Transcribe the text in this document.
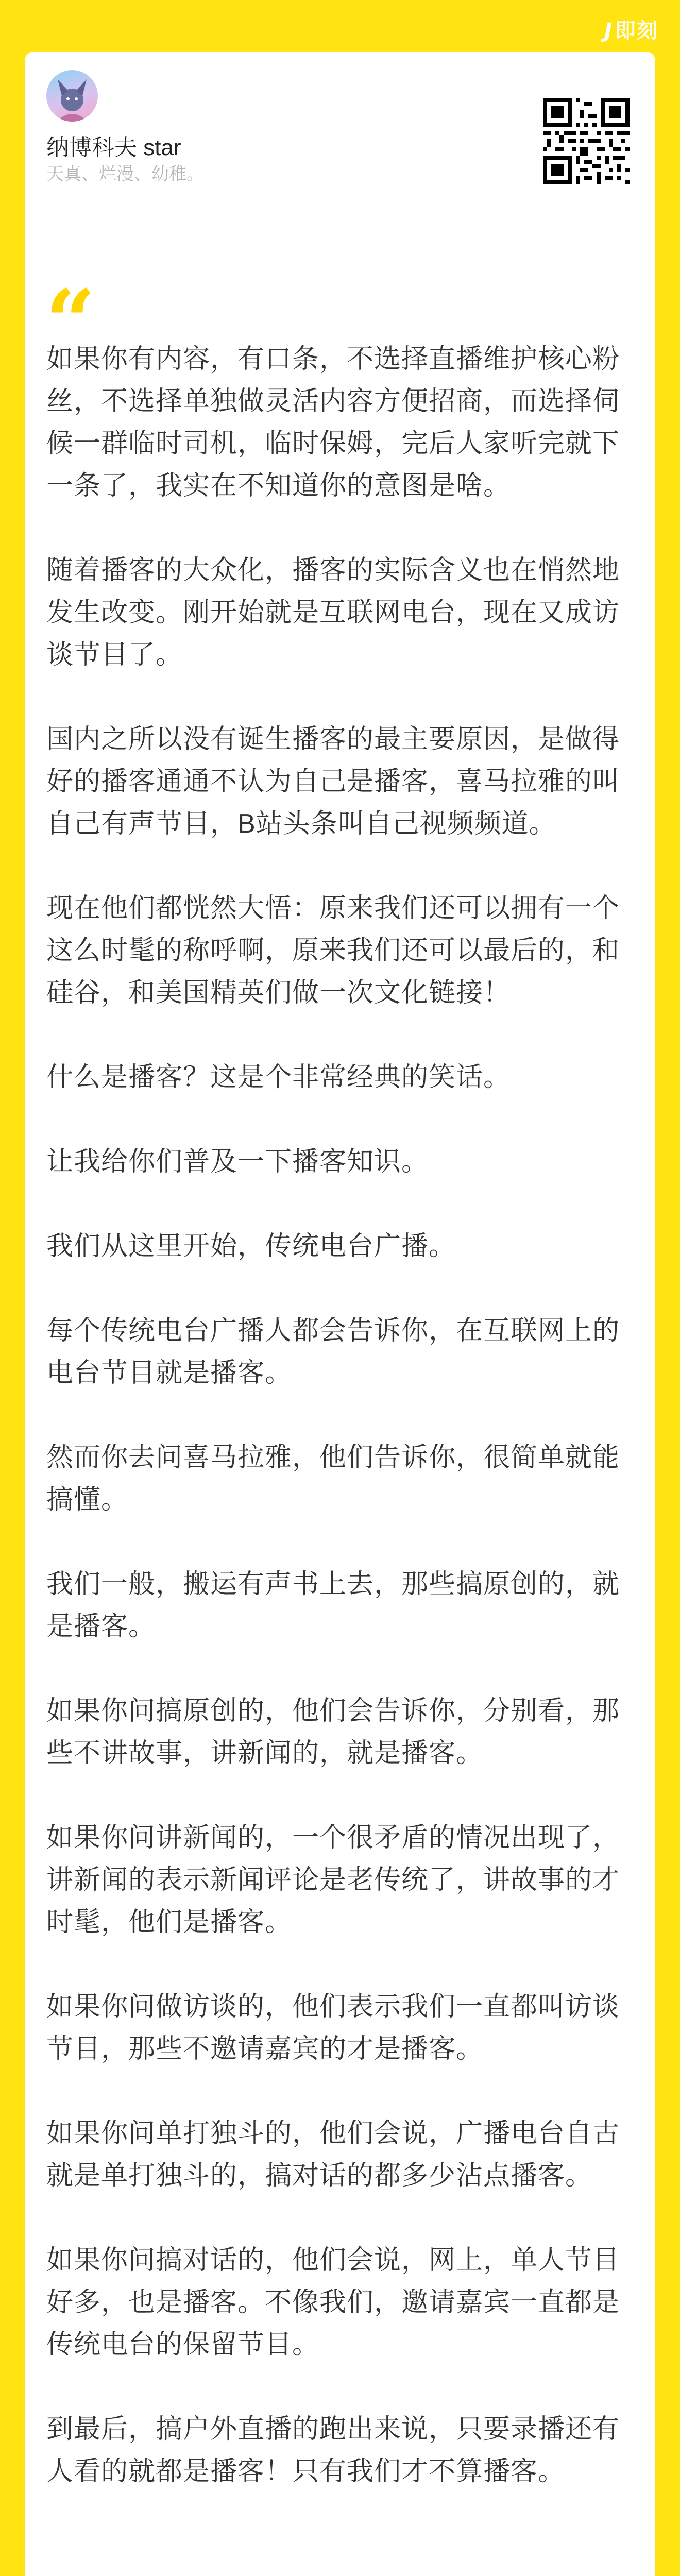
J 即刻
纳博科夫 star
天真、烂漫、幼稚。
“

如果你有内容，有口条，不选择直播维护核心粉丝，不选择单独做灵活内容方便招商，而选择伺候一群临时司机，临时保姆，完后人家听完就下一条了，我实在不知道你的意图是啥。

随着播客的大众化，播客的实际含义也在悄然地发生改变。刚开始就是互联网电台，现在又成访谈节目了。

国内之所以没有诞生播客的最主要原因，是做得好的播客通通不认为自己是播客，喜马拉雅的叫自己有声节目，B站头条叫自己视频频道。

现在他们都恍然大悟：原来我们还可以拥有一个这么时髦的称呼啊，原来我们还可以最后的，和硅谷，和美国精英们做一次文化链接！

什么是播客？这是个非常经典的笑话。

让我给你们普及一下播客知识。

我们从这里开始，传统电台广播。

每个传统电台广播人都会告诉你，在互联网上的电台节目就是播客。

然而你去问喜马拉雅，他们告诉你，很简单就能搞懂。

我们一般，搬运有声书上去，那些搞原创的，就是播客。

如果你问搞原创的，他们会告诉你，分别看，那些不讲故事，讲新闻的，就是播客。

如果你问讲新闻的，一个很矛盾的情况出现了，讲新闻的表示新闻评论是老传统了，讲故事的才时髦，他们是播客。

如果你问做访谈的，他们表示我们一直都叫访谈节目，那些不邀请嘉宾的才是播客。

如果你问单打独斗的，他们会说，广播电台自古就是单打独斗的，搞对话的都多少沾点播客。

如果你问搞对话的，他们会说，网上，单人节目好多，也是播客。不像我们，邀请嘉宾一直都是传统电台的保留节目。

到最后，搞户外直播的跑出来说，只要录播还有人看的就都是播客！只有我们才不算播客。
